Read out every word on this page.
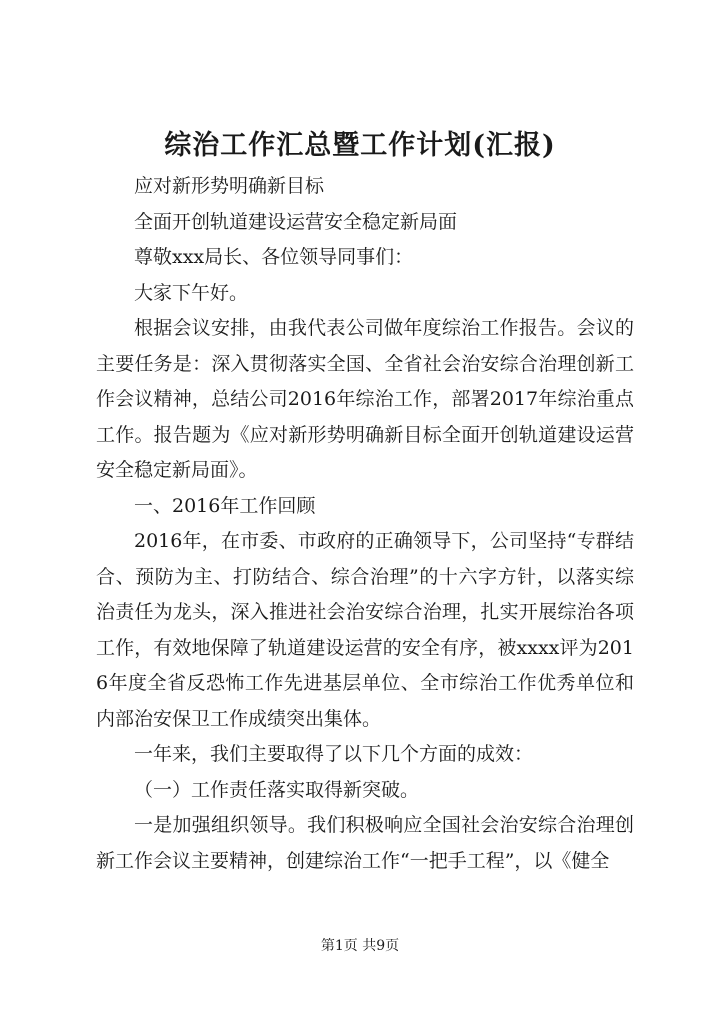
综治工作汇总暨工作计划(汇报)

应对新形势明确新目标

全面开创轨道建设运营安全稳定新局面

尊敬xxx局长、各位领导同事们：

大家下午好。

根据会议安排，由我代表公司做年度综治工作报告。会议的主要任务是：深入贯彻落实全国、全省社会治安综合治理创新工作会议精神，总结公司2016年综治工作，部署2017年综治重点工作。报告题为《应对新形势明确新目标全面开创轨道建设运营安全稳定新局面》。

一、2016年工作回顾

2016年，在市委、市政府的正确领导下，公司坚持“专群结合、预防为主、打防结合、综合治理”的十六字方针，以落实综治责任为龙头，深入推进社会治安综合治理，扎实开展综治各项工作，有效地保障了轨道建设运营的安全有序，被xxxx评为2016年度全省反恐怖工作先进基层单位、全市综治工作优秀单位和内部治安保卫工作成绩突出集体。

一年来，我们主要取得了以下几个方面的成效：

（一）工作责任落实取得新突破。

一是加强组织领导。我们积极响应全国社会治安综合治理创新工作会议主要精神，创建综治工作“一把手工程”，以《健全

第1页 共9页
